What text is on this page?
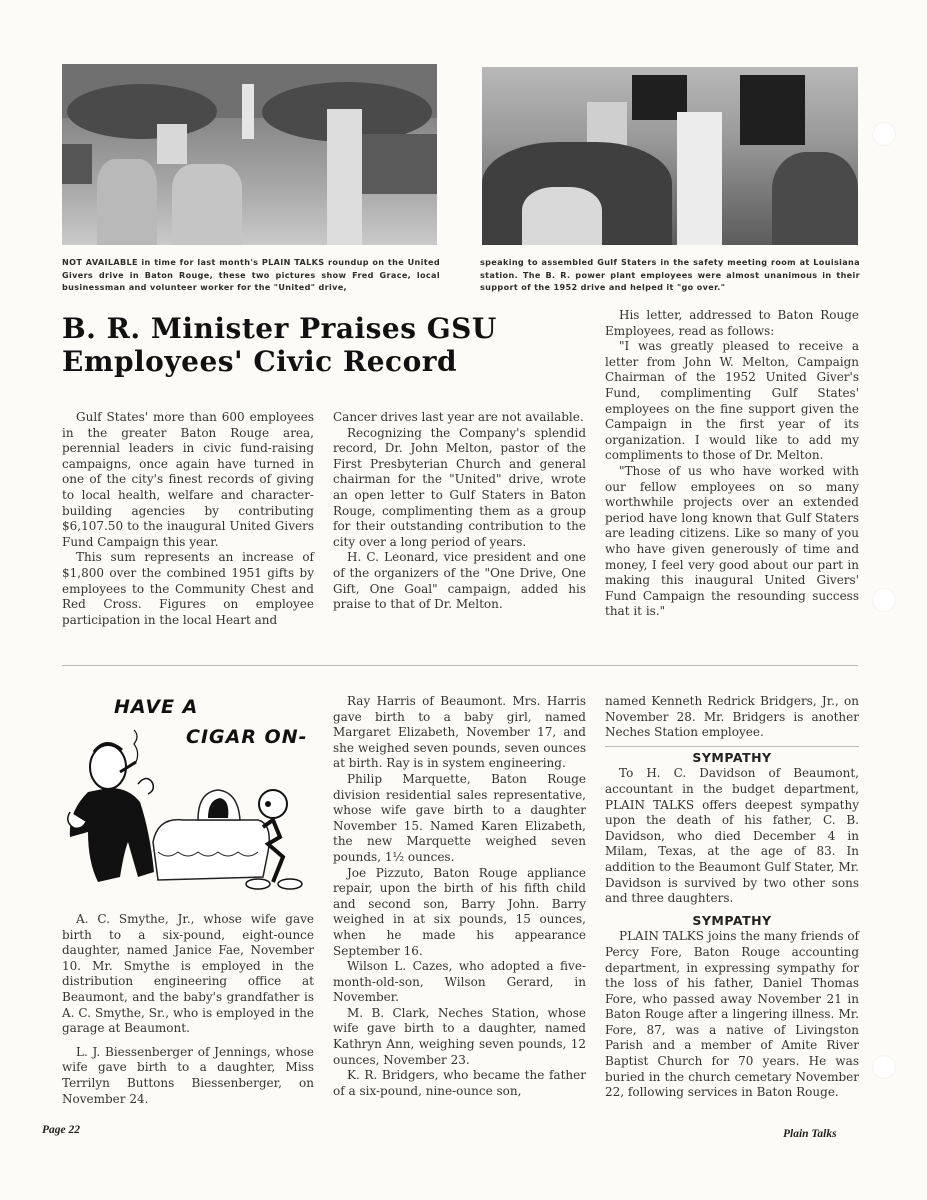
NOT AVAILABLE in time for last month's PLAIN TALKS roundup on the United Givers drive in Baton Rouge, these two pictures show Fred Grace, local businessman and volunteer worker for the "United" drive,
speaking to assembled Gulf Staters in the safety meeting room at Louisiana station. The B. R. power plant employees were almost unanimous in their support of the 1952 drive and helped it "go over."
B. R. Minister Praises GSU
Employees' Civic Record

Gulf States' more than 600 employees in the greater Baton Rouge area, perennial leaders in civic fund-raising campaigns, once again have turned in one of the city's finest records of giving to local health, welfare and character-building agencies by contributing $6,107.50 to the inaugural United Givers Fund Campaign this year.

This sum represents an increase of $1,800 over the combined 1951 gifts by employees to the Community Chest and Red Cross. Figures on employee participation in the local Heart and

Cancer drives last year are not available.

Recognizing the Company's splendid record, Dr. John Melton, pastor of the First Presbyterian Church and general chairman for the "United" drive, wrote an open letter to Gulf Staters in Baton Rouge, complimenting them as a group for their outstanding contribution to the city over a long period of years.

H. C. Leonard, vice president and one of the organizers of the "One Drive, One Gift, One Goal" campaign, added his praise to that of Dr. Melton.

His letter, addressed to Baton Rouge Employees, read as follows:

"I was greatly pleased to receive a letter from John W. Melton, Campaign Chairman of the 1952 United Giver's Fund, complimenting Gulf States' employees on the fine support given the Campaign in the first year of its organization. I would like to add my compliments to those of Dr. Melton.

"Those of us who have worked with our fellow employees on so many worthwhile projects over an extended period have long known that Gulf Staters are leading citizens. Like so many of you who have given generously of time and money, I feel very good about our part in making this inaugural United Givers' Fund Campaign the resounding success that it is."

HAVE A
CIGAR ON-

A. C. Smythe, Jr., whose wife gave birth to a six-pound, eight-ounce daughter, named Janice Fae, November 10. Mr. Smythe is employed in the distribution engineering office at Beaumont, and the baby's grandfather is A. C. Smythe, Sr., who is employed in the garage at Beaumont.

L. J. Biessenberger of Jennings, whose wife gave birth to a daughter, Miss Terrilyn Buttons Biessenberger, on November 24.

Ray Harris of Beaumont. Mrs. Harris gave birth to a baby girl, named Margaret Elizabeth, November 17, and she weighed seven pounds, seven ounces at birth. Ray is in system engineering.

Philip Marquette, Baton Rouge division residential sales representative, whose wife gave birth to a daughter November 15. Named Karen Elizabeth, the new Marquette weighed seven pounds, 1½ ounces.

Joe Pizzuto, Baton Rouge appliance repair, upon the birth of his fifth child and second son, Barry John. Barry weighed in at six pounds, 15 ounces, when he made his appearance September 16.

Wilson L. Cazes, who adopted a five-month-old-son, Wilson Gerard, in November.

M. B. Clark, Neches Station, whose wife gave birth to a daughter, named Kathryn Ann, weighing seven pounds, 12 ounces, November 23.

K. R. Bridgers, who became the father of a six-pound, nine-ounce son,

named Kenneth Redrick Bridgers, Jr., on November 28. Mr. Bridgers is another Neches Station employee.

SYMPATHY

To H. C. Davidson of Beaumont, accountant in the budget department, PLAIN TALKS offers deepest sympathy upon the death of his father, C. B. Davidson, who died December 4 in Milam, Texas, at the age of 83. In addition to the Beaumont Gulf Stater, Mr. Davidson is survived by two other sons and three daughters.

SYMPATHY

PLAIN TALKS joins the many friends of Percy Fore, Baton Rouge accounting department, in expressing sympathy for the loss of his father, Daniel Thomas Fore, who passed away November 21 in Baton Rouge after a lingering illness. Mr. Fore, 87, was a native of Livingston Parish and a member of Amite River Baptist Church for 70 years. He was buried in the church cemetary November 22, following services in Baton Rouge.

Page 22	Plain Talks
